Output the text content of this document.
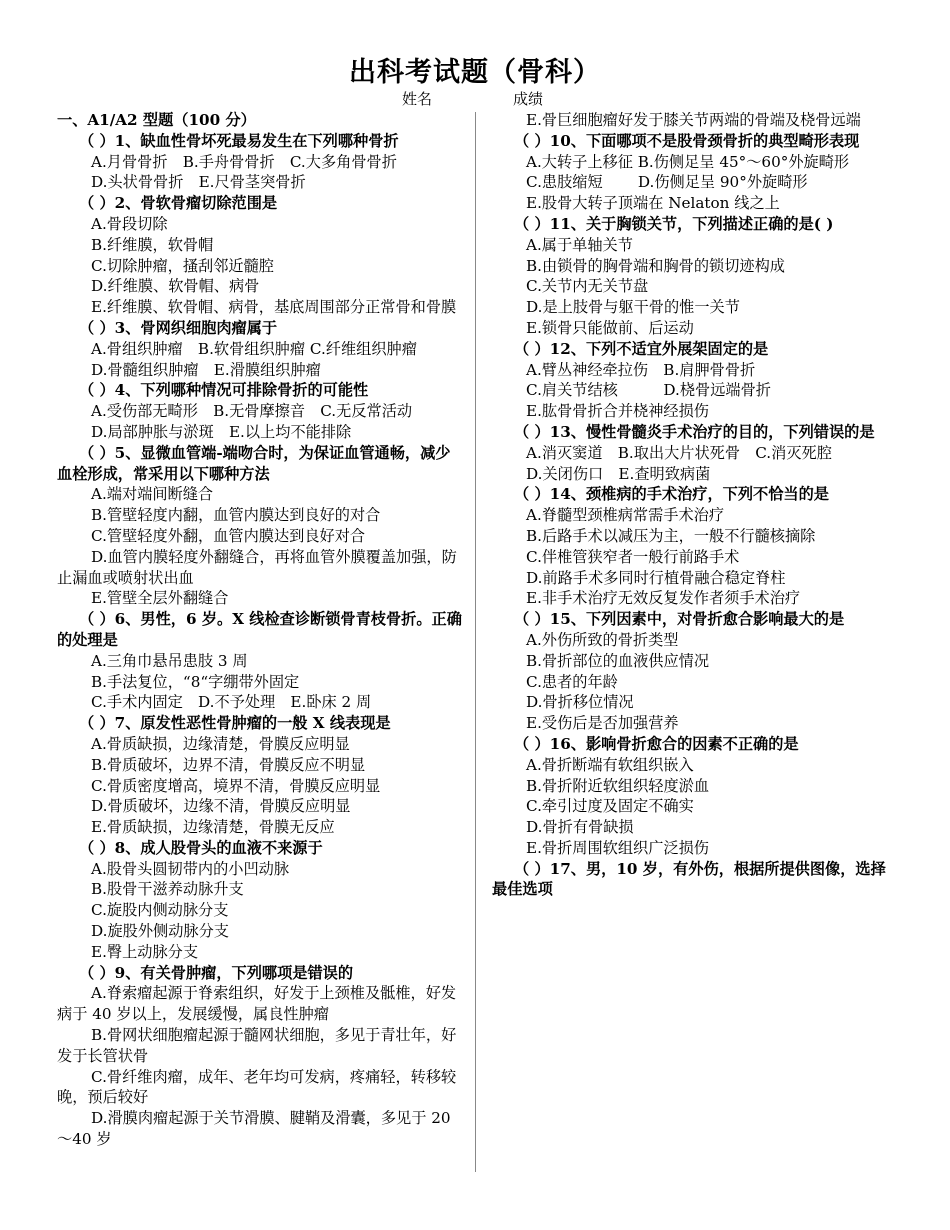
出科考试题（骨科）
姓名	成绩
一、A1/A2 型题（100 分）
（ ）1、缺血性骨坏死最易发生在下列哪种骨折
A.月骨骨折　B.手舟骨骨折　C.大多角骨骨折
D.头状骨骨折　E.尺骨茎突骨折
（ ）2、骨软骨瘤切除范围是
A.骨段切除
B.纤维膜，软骨帽
C.切除肿瘤，搔刮邻近髓腔
D.纤维膜、软骨帽、病骨
E.纤维膜、软骨帽、病骨，基底周围部分正常骨和骨膜
（ ）3、骨网织细胞肉瘤属于
A.骨组织肿瘤　B.软骨组织肿瘤 C.纤维组织肿瘤
D.骨髓组织肿瘤　E.滑膜组织肿瘤
（ ）4、下列哪种情况可排除骨折的可能性
A.受伤部无畸形　B.无骨摩擦音　C.无反常活动
D.局部肿胀与淤斑　E.以上均不能排除
（ ）5、显微血管端-端吻合时，为保证血管通畅，减少血栓形成，常采用以下哪种方法
A.端对端间断缝合
B.管壁轻度内翻，血管内膜达到良好的对合
C.管壁轻度外翻，血管内膜达到良好对合
D.血管内膜轻度外翻缝合，再将血管外膜覆盖加强，防止漏血或喷射状出血
E.管壁全层外翻缝合
（ ）6、男性，6 岁。X 线检查诊断锁骨青枝骨折。正确的处理是
A.三角巾悬吊患肢 3 周
B.手法复位，“8“字绷带外固定
C.手术内固定　D.不予处理　E.卧床 2 周
（ ）7、原发性恶性骨肿瘤的一般 X 线表现是
A.骨质缺损，边缘清楚，骨膜反应明显
B.骨质破坏，边界不清，骨膜反应不明显
C.骨质密度增高，境界不清，骨膜反应明显
D.骨质破坏，边缘不清，骨膜反应明显
E.骨质缺损，边缘清楚，骨膜无反应
（ ）8、成人股骨头的血液不来源于
A.股骨头圆韧带内的小凹动脉
B.股骨干滋养动脉升支
C.旋股内侧动脉分支
D.旋股外侧动脉分支
E.臀上动脉分支
（ ）9、有关骨肿瘤，下列哪项是错误的
A.脊索瘤起源于脊索组织，好发于上颈椎及骶椎，好发病于 40 岁以上，发展缓慢，属良性肿瘤
B.骨网状细胞瘤起源于髓网状细胞，多见于青壮年，好发于长管状骨
C.骨纤维肉瘤，成年、老年均可发病，疼痛轻，转移较晚，预后较好
D.滑膜肉瘤起源于关节滑膜、腱鞘及滑囊，多见于 20～40 岁
E.骨巨细胞瘤好发于膝关节两端的骨端及桡骨远端
（ ）10、下面哪项不是股骨颈骨折的典型畸形表现
A.大转子上移征 B.伤侧足呈 45°～60°外旋畸形
C.患肢缩短　　 D.伤侧足呈 90°外旋畸形
E.股骨大转子顶端在 Nelaton 线之上
（ ）11、关于胸锁关节，下列描述正确的是( )
A.属于单轴关节
B.由锁骨的胸骨端和胸骨的锁切迹构成
C.关节内无关节盘
D.是上肢骨与躯干骨的惟一关节
E.锁骨只能做前、后运动
（ ）12、下列不适宜外展架固定的是
A.臂丛神经牵拉伤　B.肩胛骨骨折
C.肩关节结核　　　D.桡骨远端骨折
E.肱骨骨折合并桡神经损伤
（ ）13、慢性骨髓炎手术治疗的目的，下列错误的是
A.消灭窦道　B.取出大片状死骨　C.消灭死腔
D.关闭伤口　E.查明致病菌
（ ）14、颈椎病的手术治疗，下列不恰当的是
A.脊髓型颈椎病常需手术治疗
B.后路手术以减压为主，一般不行髓核摘除
C.伴椎管狭窄者一般行前路手术
D.前路手术多同时行植骨融合稳定脊柱
E.非手术治疗无效反复发作者须手术治疗
（ ）15、下列因素中，对骨折愈合影响最大的是
A.外伤所致的骨折类型
B.骨折部位的血液供应情况
C.患者的年龄
D.骨折移位情况
E.受伤后是否加强营养
（ ）16、影响骨折愈合的因素不正确的是
A.骨折断端有软组织嵌入
B.骨折附近软组织轻度淤血
C.牵引过度及固定不确实
D.骨折有骨缺损
E.骨折周围软组织广泛损伤
（ ）17、男，10 岁，有外伤，根据所提供图像，选择最佳选项
